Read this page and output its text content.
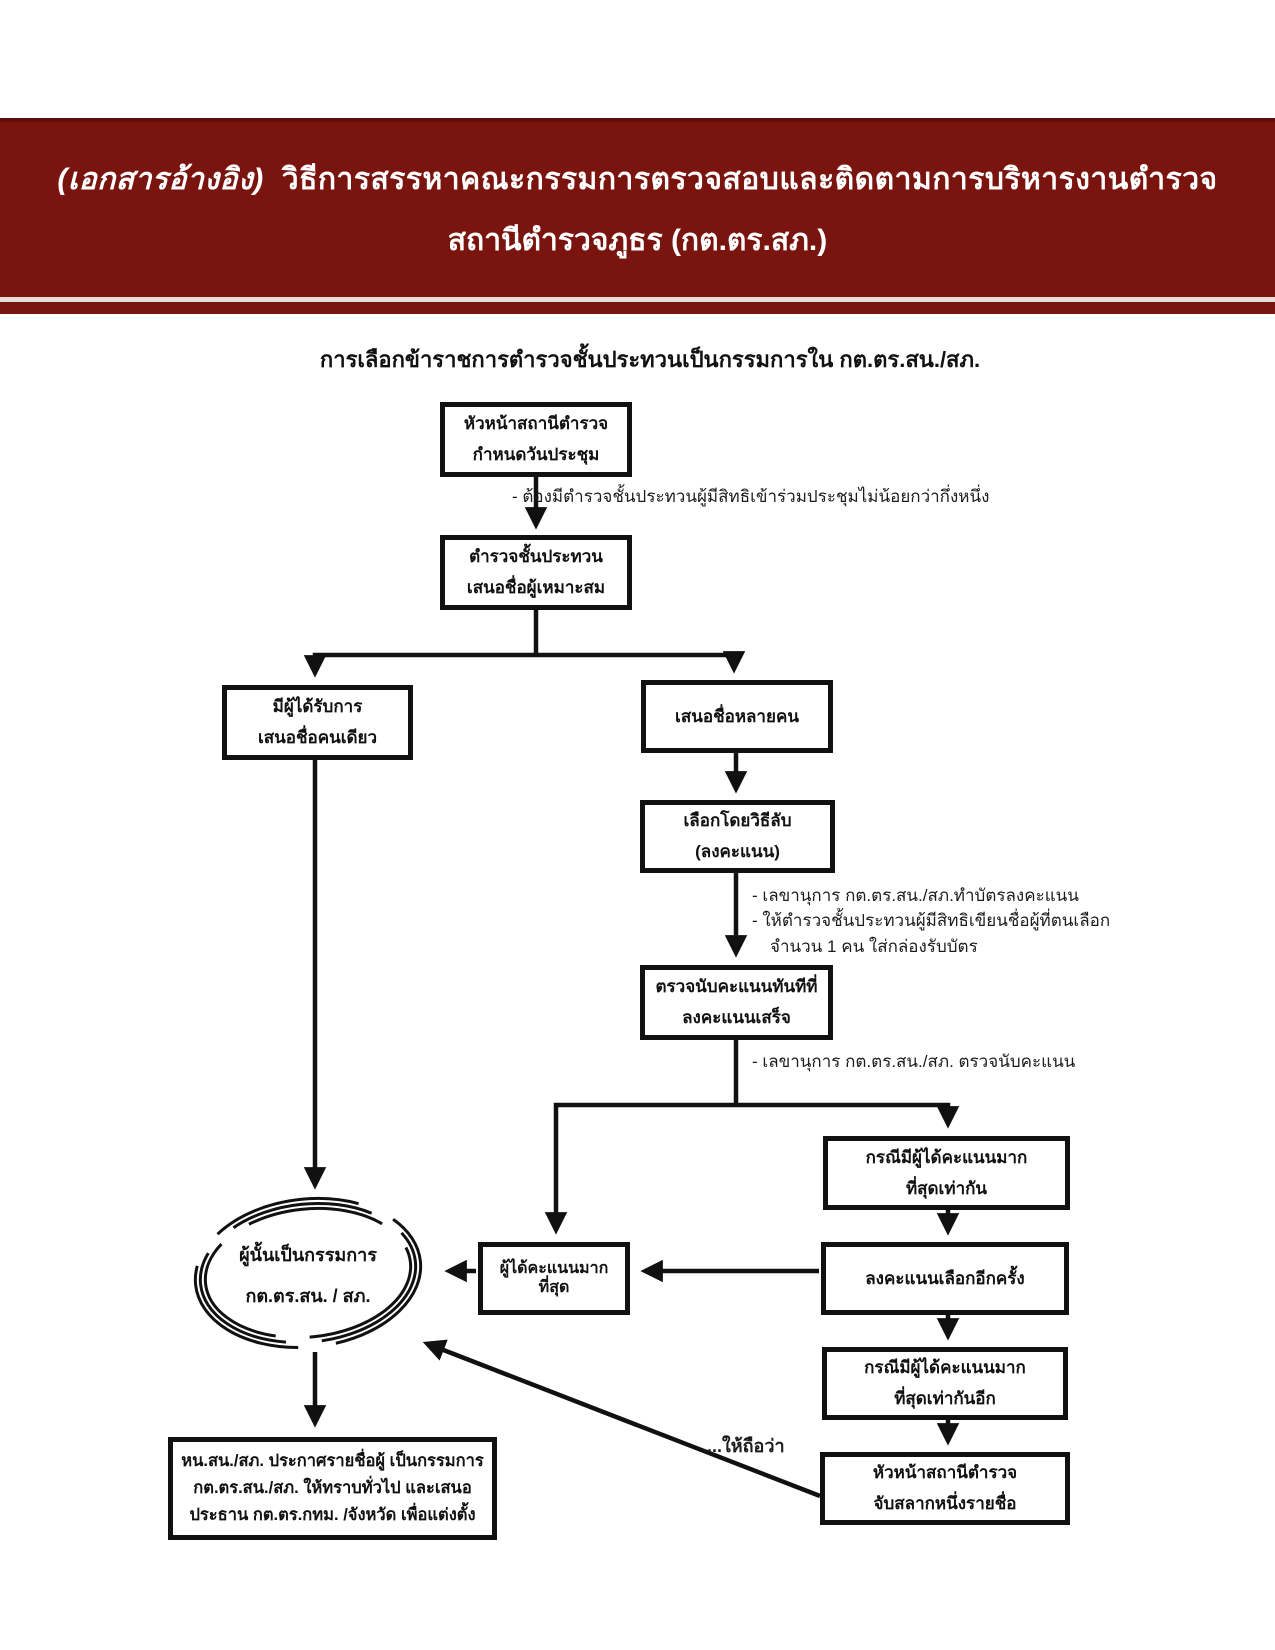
(เอกสารอ้างอิง) วิธีการสรรหาคณะกรรมการตรวจสอบและติดตามการบริหารงานตำรวจ
สถานีตำรวจภูธร (กต.ตร.สภ.)
การเลือกข้าราชการตำรวจชั้นประทวนเป็นกรรมการใน กต.ตร.สน./สภ.
หัวหน้าสถานีตำรวจ
กำหนดวันประชุม
ตำรวจชั้นประทวน
เสนอชื่อผู้เหมาะสม
มีผู้ได้รับการ
เสนอชื่อคนเดียว
เสนอชื่อหลายคน
เลือกโดยวิธีลับ
(ลงคะแนน)
ตรวจนับคะแนนทันทีที่
ลงคะแนนเสร็จ
กรณีมีผู้ได้คะแนนมาก
ที่สุดเท่ากัน
ลงคะแนนเลือกอีกครั้ง
ผู้ได้คะแนนมากที่สุด
กรณีมีผู้ได้คะแนนมาก
ที่สุดเท่ากันอีก
หัวหน้าสถานีตำรวจ
จับสลากหนึ่งรายชื่อ
หน.สน./สภ. ประกาศรายชื่อผู้ เป็นกรรมการ
กต.ตร.สน./สภ. ให้ทราบทั่วไป และเสนอ
ประธาน กต.ตร.กทม. /จังหวัด เพื่อแต่งตั้ง
ผู้นั้นเป็นกรรมการ
กต.ตร.สน. / สภ.
- ต้องมีตำรวจชั้นประทวนผู้มีสิทธิเข้าร่วมประชุมไม่น้อยกว่ากึ่งหนึ่ง
- เลขานุการ กต.ตร.สน./สภ.ทำบัตรลงคะแนน
- ให้ตำรวจชั้นประทวนผู้มีสิทธิเขียนชื่อผู้ที่ตนเลือก
จำนวน 1 คน ใส่กล่องรับบัตร
- เลขานุการ กต.ตร.สน./สภ. ตรวจนับคะแนน
....ให้ถือว่า
